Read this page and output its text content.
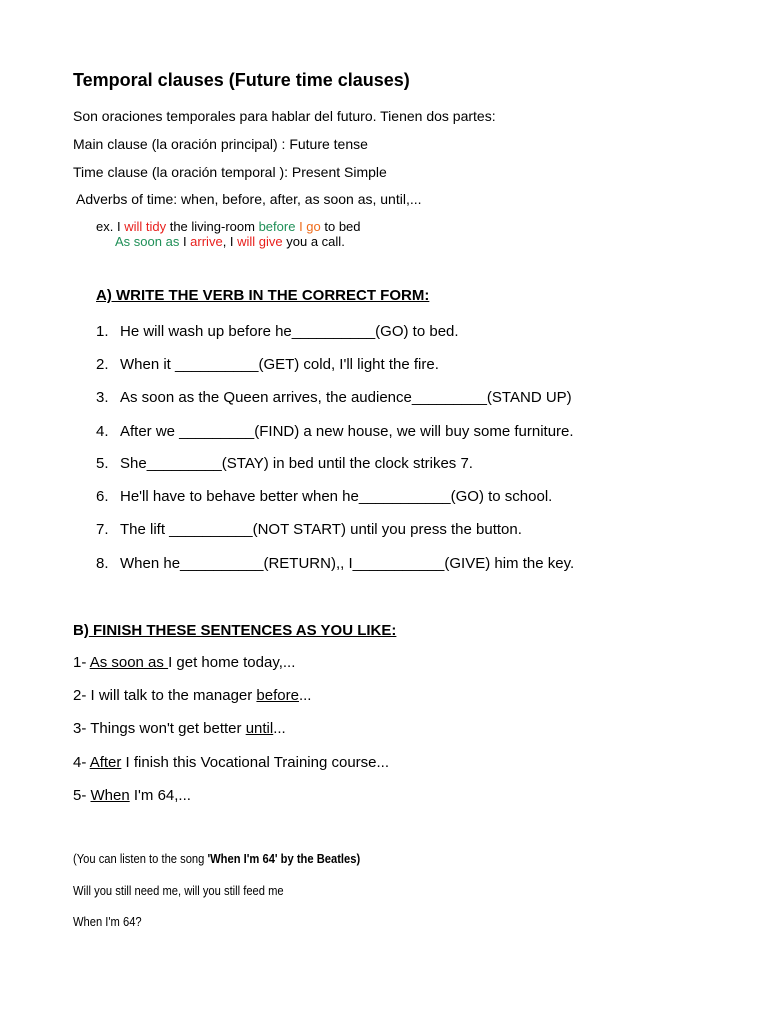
Temporal clauses (Future time clauses)
Son oraciones temporales para hablar del futuro. Tienen dos partes:
Main clause (la oración principal) : Future tense
Time clause (la oración temporal ): Present Simple
Adverbs of time: when, before, after, as soon as, until,...
ex. I will tidy the living-room before I go to bed
As soon as I arrive, I will give you a call.
A) WRITE THE VERB IN THE CORRECT FORM:
1. He will wash up before he__________(GO) to bed.
2. When it __________(GET) cold, I'll light the fire.
3. As soon as the Queen arrives, the audience_________(STAND UP)
4. After we _________(FIND) a new house, we will buy some furniture.
5. She_________(STAY) in bed until the clock strikes 7.
6. He'll have to behave better when he___________(GO) to school.
7. The lift __________(NOT START) until you press the button.
8. When he__________(RETURN),, I___________(GIVE) him the key.
B) FINISH THESE SENTENCES AS YOU LIKE:
1- As soon as I get home today,...
2- I will talk to the manager before...
3- Things won't get better until...
4- After I finish this Vocational Training course...
5- When I'm 64,...
(You can listen to the song 'When I'm 64' by the Beatles)
Will you still need me, will you still feed me
When I'm 64?
